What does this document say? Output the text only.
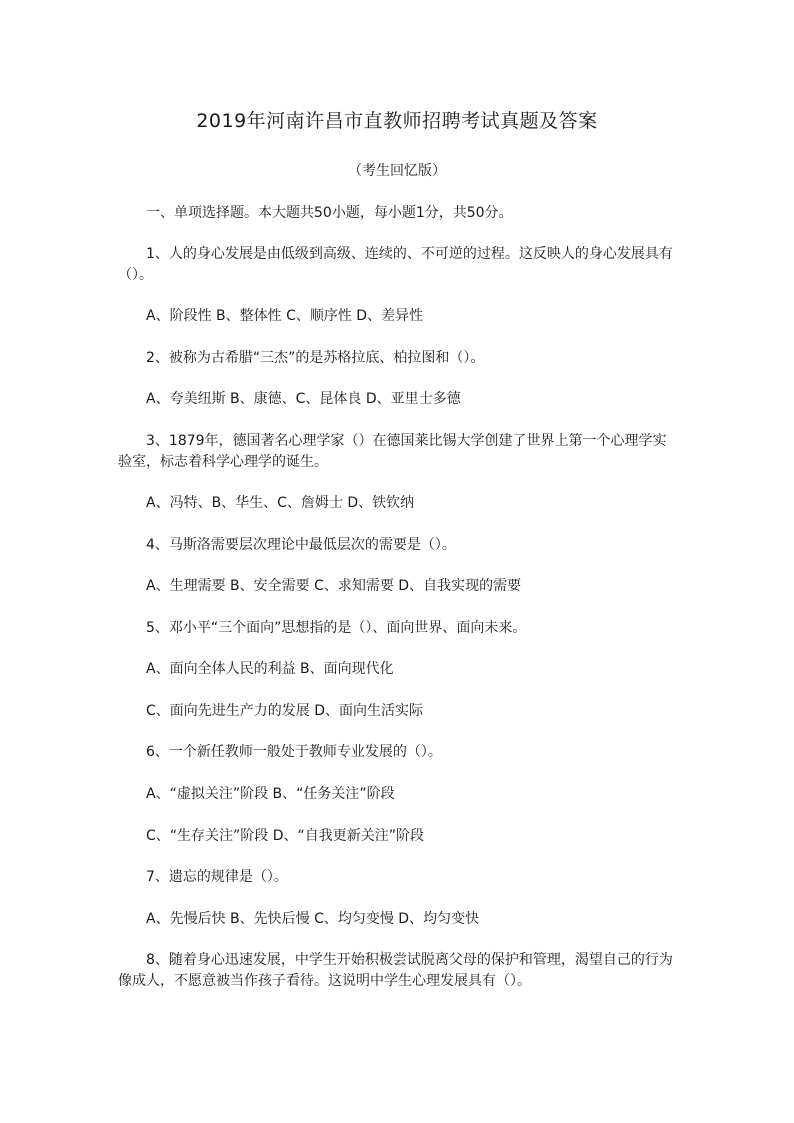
2019年河南许昌市直教师招聘考试真题及答案
（考生回忆版）
一、单项选择题。本大题共50小题，每小题1分，共50分。
1、人的身心发展是由低级到高级、连续的、不可逆的过程。这反映人的身心发展具有
（）。
A、阶段性 B、整体性 C、顺序性 D、差异性
2、被称为古希腊“三杰”的是苏格拉底、柏拉图和（）。
A、夸美纽斯 B、康德、C、昆体良 D、亚里士多德
3、1879年，德国著名心理学家（）在德国莱比锡大学创建了世界上第一个心理学实
验室，标志着科学心理学的诞生。
A、冯特、B、华生、C、詹姆士 D、铁钦纳
4、马斯洛需要层次理论中最低层次的需要是（）。
A、生理需要 B、安全需要 C、求知需要 D、自我实现的需要
5、邓小平“三个面向”思想指的是（）、面向世界、面向未来。
A、面向全体人民的利益 B、面向现代化
C、面向先进生产力的发展 D、面向生活实际
6、一个新任教师一般处于教师专业发展的（）。
A、“虚拟关注”阶段 B、“任务关注”阶段
C、“生存关注”阶段 D、“自我更新关注”阶段
7、遗忘的规律是（）。
A、先慢后快 B、先快后慢 C、均匀变慢 D、均匀变快
8、随着身心迅速发展，中学生开始积极尝试脱离父母的保护和管理，渴望自己的行为
像成人，不愿意被当作孩子看待。这说明中学生心理发展具有（）。
